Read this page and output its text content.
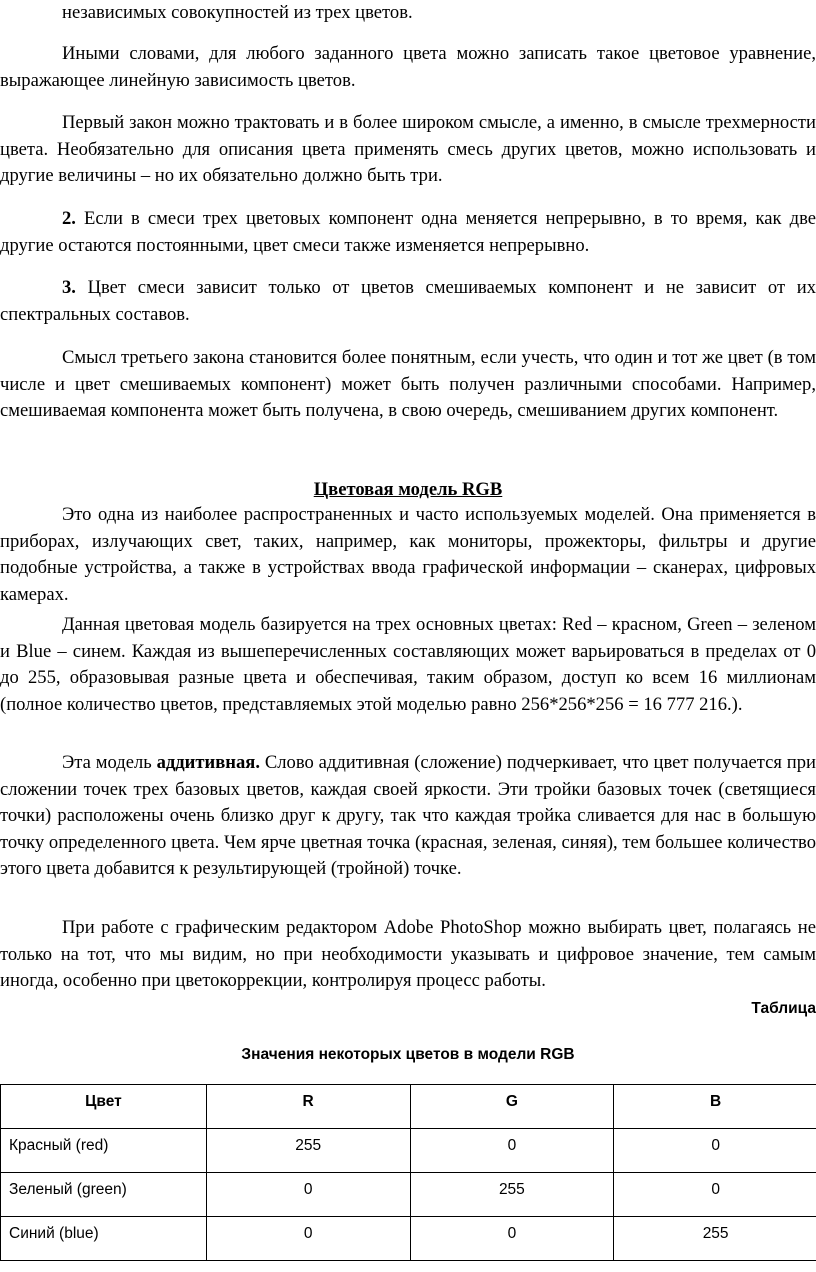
независимых совокупностей из трех цветов.

Иными словами, для любого заданного цвета можно записать такое цветовое уравнение, выражающее линейную зависимость цветов.

Первый закон можно трактовать и в более широком смысле, а именно, в смысле трехмерности цвета. Необязательно для описания цвета применять смесь других цветов, можно использовать и другие величины – но их обязательно должно быть три.

2. Если в смеси трех цветовых компонент одна меняется непрерывно, в то время, как две другие остаются постоянными, цвет смеси также изменяется непрерывно.

3. Цвет смеси зависит только от цветов смешиваемых компонент и не зависит от их спектральных составов.

Смысл третьего закона становится более понятным, если учесть, что один и тот же цвет (в том числе и цвет смешиваемых компонент) может быть получен различными способами. Например, смешиваемая компонента может быть получена, в свою очередь, смешиванием других компонент.

Цветовая модель RGB

Это одна из наиболее распространенных и часто используемых моделей. Она применяется в приборах, излучающих свет, таких, например, как мониторы, прожекторы, фильтры и другие подобные устройства, а также в устройствах ввода графической информации – сканерах, цифровых камерах.

Данная цветовая модель базируется на трех основных цветах: Red – красном, Green – зеленом и Blue – синем. Каждая из вышеперечисленных составляющих может варьироваться в пределах от 0 до 255, образовывая разные цвета и обеспечивая, таким образом, доступ ко всем 16 миллионам (полное количество цветов, представляемых этой моделью равно 256*256*256 = 16 777 216.).

Эта модель аддитивная. Слово аддитивная (сложение) подчеркивает, что цвет получается при сложении точек трех базовых цветов, каждая своей яркости. Эти тройки базовых точек (светящиеся точки) расположены очень близко друг к другу, так что каждая тройка сливается для нас в большую точку определенного цвета. Чем ярче цветная точка (красная, зеленая, синяя), тем большее количество этого цвета добавится к результирующей (тройной) точке.

При работе с графическим редактором Adobe PhotoShop можно выбирать цвет, полагаясь не только на тот, что мы видим, но при необходимости указывать и цифровое значение, тем самым иногда, особенно при цветокоррекции, контролируя процесс работы.

Таблица
Значения некоторых цветов в модели RGB
Цвет	R	G	B
Красный (red)	255	0	0
Зеленый (green)	0	255	0
Синий (blue)	0	0	255
